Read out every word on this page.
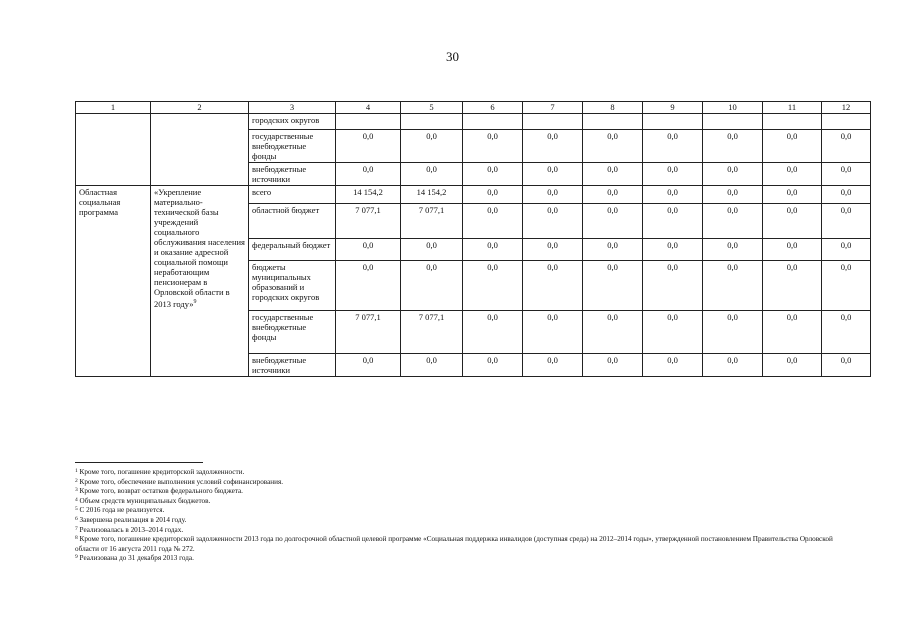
30
1	2	3	4	5	6	7	8	9	10	11	12
		городских округов									
		государственные внебюджетные фонды	0,0	0,0	0,0	0,0	0,0	0,0	0,0	0,0	0,0
		внебюджетные источники	0,0	0,0	0,0	0,0	0,0	0,0	0,0	0,0	0,0
Областная социальная программа	«Укрепление материально-технической базы учреждений социального обслуживания населения и оказание адресной социальной помощи неработающим пенсионерам в Орловской области в 2013 году»$^9$	всего	14 154,2	14 154,2	0,0	0,0	0,0	0,0	0,0	0,0	0,0
		областной бюджет	7 077,1	7 077,1	0,0	0,0	0,0	0,0	0,0	0,0	0,0
		федеральный бюджет	0,0	0,0	0,0	0,0	0,0	0,0	0,0	0,0	0,0
		бюджеты муниципальных образований и городских округов	0,0	0,0	0,0	0,0	0,0	0,0	0,0	0,0	0,0
		государственные внебюджетные фонды	7 077,1	7 077,1	0,0	0,0	0,0	0,0	0,0	0,0	0,0
		внебюджетные источники	0,0	0,0	0,0	0,0	0,0	0,0	0,0	0,0	0,0
$^1$ Кроме того, погашение кредиторской задолженности.
$^2$ Кроме того, обеспечение выполнения условий софинансирования.
$^3$ Кроме того, возврат остатков федерального бюджета.
$^4$ Объем средств муниципальных бюджетов.
$^5$ С 2016 года не реализуется.
$^6$ Завершена реализация в 2014 году.
$^7$ Реализовалась в 2013–2014 годах.
$^8$ Кроме того, погашение кредиторской задолженности 2013 года по долгосрочной областной целевой программе «Социальная поддержка инвалидов (доступная среда) на 2012–2014 годы», утвержденной постановлением Правительства Орловской области от 16 августа 2011 года № 272.
$^9$ Реализована до 31 декабря 2013 года.
